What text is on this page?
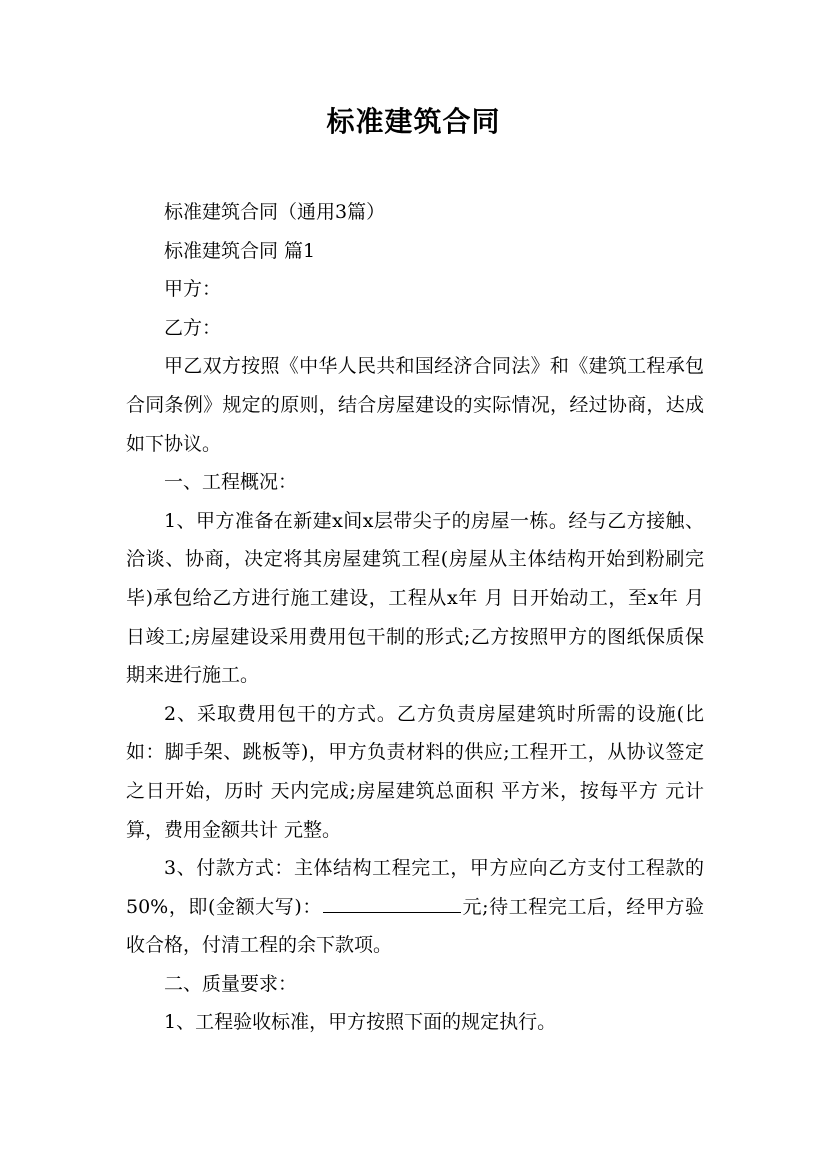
标准建筑合同

标准建筑合同（通用3篇）

标准建筑合同 篇1

甲方：

乙方：

甲乙双方按照《中华人民共和国经济合同法》和《建筑工程承包合同条例》规定的原则，结合房屋建设的实际情况，经过协商，达成如下协议。

一、工程概况：

1、甲方准备在新建x间x层带尖子的房屋一栋。经与乙方接触、洽谈、协商，决定将其房屋建筑工程(房屋从主体结构开始到粉刷完毕)承包给乙方进行施工建设，工程从x年 月 日开始动工，至x年 月 日竣工;房屋建设采用费用包干制的形式;乙方按照甲方的图纸保质保期来进行施工。

2、采取费用包干的方式。乙方负责房屋建筑时所需的设施(比如：脚手架、跳板等)，甲方负责材料的供应;工程开工，从协议签定之日开始，历时 天内完成;房屋建筑总面积 平方米，按每平方 元计算，费用金额共计 元整。

3、付款方式：主体结构工程完工，甲方应向乙方支付工程款的50%，即(金额大写)：	元;待工程完工后，经甲方验收合格，付清工程的余下款项。

二、质量要求：

1、工程验收标准，甲方按照下面的规定执行。
